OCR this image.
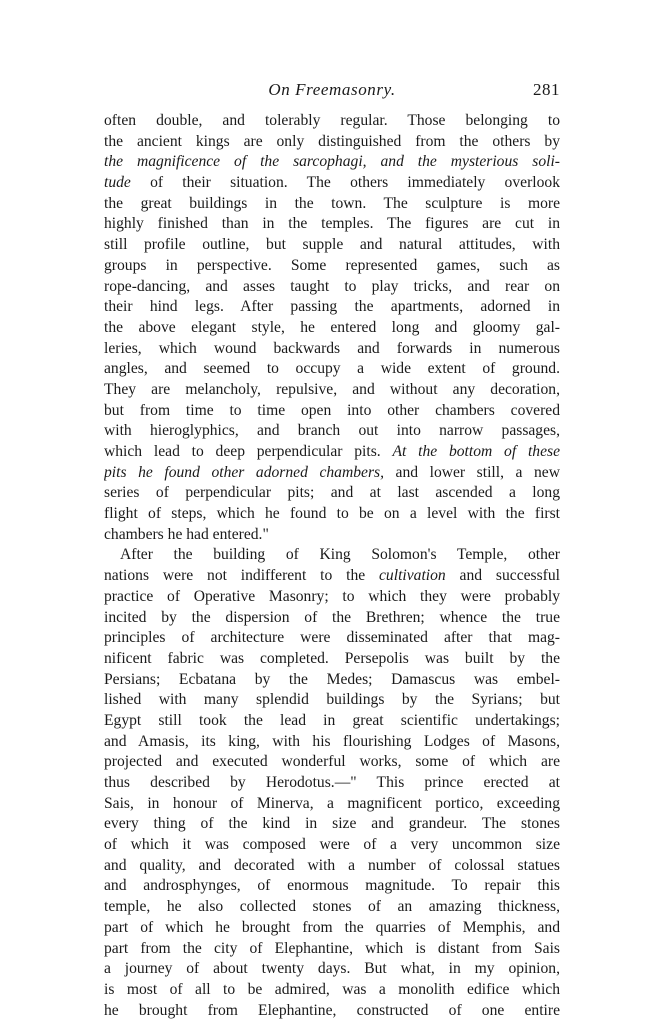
On Freemasonry.	281
often double, and tolerably regular. Those belonging to
the ancient kings are only distinguished from the others by
the magnificence of the sarcophagi, and the mysterious soli-
tude of their situation. The others immediately overlook
the great buildings in the town. The sculpture is more
highly finished than in the temples. The figures are cut in
still profile outline, but supple and natural attitudes, with
groups in perspective. Some represented games, such as
rope-dancing, and asses taught to play tricks, and rear on
their hind legs. After passing the apartments, adorned in
the above elegant style, he entered long and gloomy gal-
leries, which wound backwards and forwards in numerous
angles, and seemed to occupy a wide extent of ground.
They are melancholy, repulsive, and without any decoration,
but from time to time open into other chambers covered
with hieroglyphics, and branch out into narrow passages,
which lead to deep perpendicular pits. At the bottom of these
pits he found other adorned chambers, and lower still, a new
series of perpendicular pits; and at last ascended a long
flight of steps, which he found to be on a level with the first
chambers he had entered."
After the building of King Solomon's Temple, other
nations were not indifferent to the cultivation and successful
practice of Operative Masonry; to which they were probably
incited by the dispersion of the Brethren; whence the true
principles of architecture were disseminated after that mag-
nificent fabric was completed. Persepolis was built by the
Persians; Ecbatana by the Medes; Damascus was embel-
lished with many splendid buildings by the Syrians; but
Egypt still took the lead in great scientific undertakings;
and Amasis, its king, with his flourishing Lodges of Masons,
projected and executed wonderful works, some of which are
thus described by Herodotus.—" This prince erected at
Sais, in honour of Minerva, a magnificent portico, exceeding
every thing of the kind in size and grandeur. The stones
of which it was composed were of a very uncommon size
and quality, and decorated with a number of colossal statues
and androsphynges, of enormous magnitude. To repair this
temple, he also collected stones of an amazing thickness,
part of which he brought from the quarries of Memphis, and
part from the city of Elephantine, which is distant from Sais
a journey of about twenty days. But what, in my opinion,
is most of all to be admired, was a monolith edifice which
he brought from Elephantine, constructed of one entire
